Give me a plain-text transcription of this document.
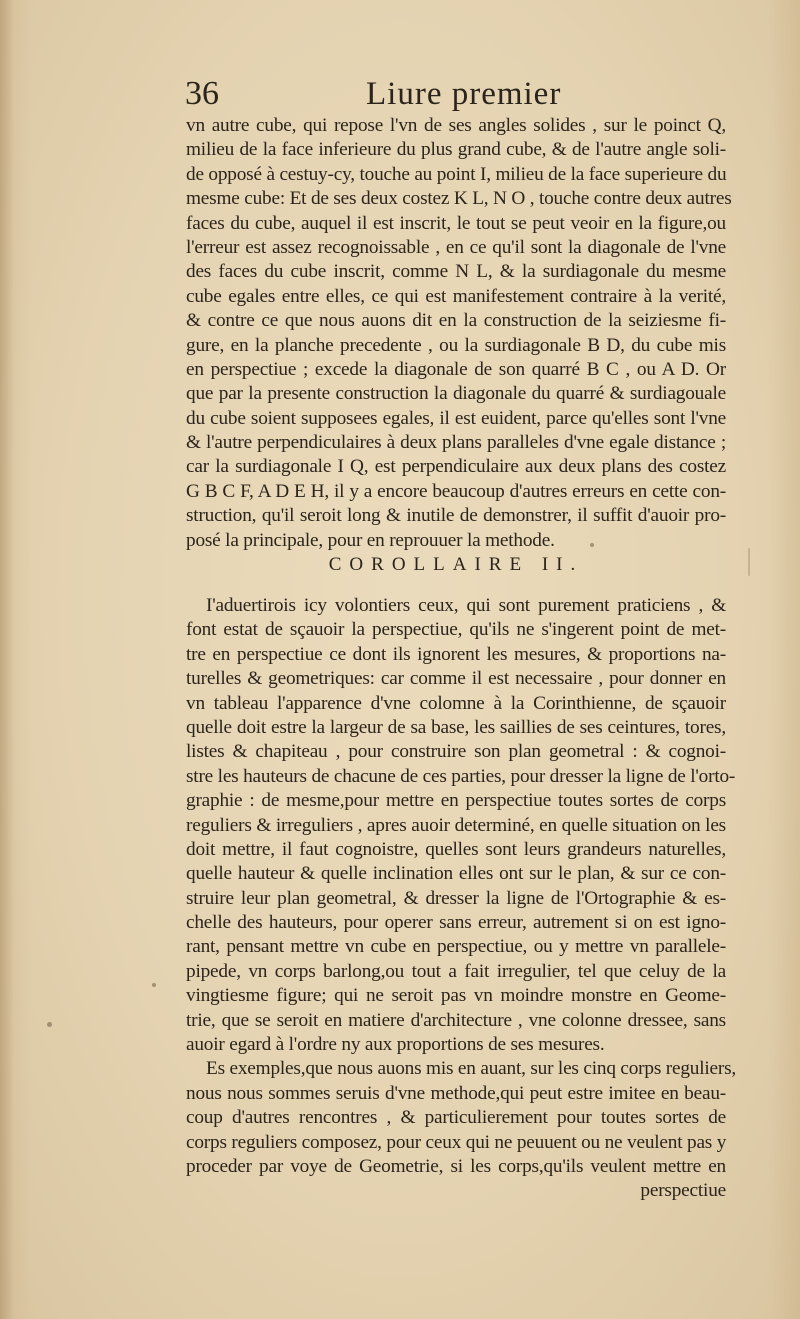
36	Liure premier
vn autre cube, qui repose l'vn de ses angles solides , sur le poinct Q,
milieu de la face inferieure du plus grand cube, & de l'autre angle soli-
de opposé à cestuy-cy, touche au point I, milieu de la face superieure du
mesme cube: Et de ses deux costez K L, N O , touche contre deux autres
faces du cube, auquel il est inscrit, le tout se peut veoir en la figure,ou
l'erreur est assez recognoissable , en ce qu'il sont la diagonale de l'vne
des faces du cube inscrit, comme N L, & la surdiagonale du mesme
cube egales entre elles, ce qui est manifestement contraire à la verité,
& contre ce que nous auons dit en la construction de la seiziesme fi-
gure, en la planche precedente , ou la surdiagonale B D, du cube mis
en perspectiue ; excede la diagonale de son quarré B C , ou A D. Or
que par la presente construction la diagonale du quarré & surdiagouale
du cube soient supposees egales, il est euident, parce qu'elles sont l'vne
& l'autre perpendiculaires à deux plans paralleles d'vne egale distance ;
car la surdiagonale I Q, est perpendiculaire aux deux plans des costez
G B C F, A D E H, il y a encore beaucoup d'autres erreurs en cette con-
struction, qu'il seroit long & inutile de demonstrer, il suffit d'auoir pro-
posé la principale, pour en reprouuer la methode.
COROLLAIRE II.
I'aduertirois icy volontiers ceux, qui sont purement praticiens , &
font estat de sçauoir la perspectiue, qu'ils ne s'ingerent point de met-
tre en perspectiue ce dont ils ignorent les mesures, & proportions na-
turelles & geometriques: car comme il est necessaire , pour donner en
vn tableau l'apparence d'vne colomne à la Corinthienne, de sçauoir
quelle doit estre la largeur de sa base, les saillies de ses ceintures, tores,
listes & chapiteau , pour construire son plan geometral : & cognoi-
stre les hauteurs de chacune de ces parties, pour dresser la ligne de l'orto-
graphie : de mesme,pour mettre en perspectiue toutes sortes de corps
reguliers & irreguliers , apres auoir determiné, en quelle situation on les
doit mettre, il faut cognoistre, quelles sont leurs grandeurs naturelles,
quelle hauteur & quelle inclination elles ont sur le plan, & sur ce con-
struire leur plan geometral, & dresser la ligne de l'Ortographie & es-
chelle des hauteurs, pour operer sans erreur, autrement si on est igno-
rant, pensant mettre vn cube en perspectiue, ou y mettre vn parallele-
pipede, vn corps barlong,ou tout a fait irregulier, tel que celuy de la
vingtiesme figure; qui ne seroit pas vn moindre monstre en Geome-
trie, que se seroit en matiere d'architecture , vne colonne dressee, sans
auoir egard à l'ordre ny aux proportions de ses mesures.
Es exemples,que nous auons mis en auant, sur les cinq corps reguliers,
nous nous sommes seruis d'vne methode,qui peut estre imitee en beau-
coup d'autres rencontres , & particulierement pour toutes sortes de
corps reguliers composez, pour ceux qui ne peuuent ou ne veulent pas y
proceder par voye de Geometrie, si les corps,qu'ils veulent mettre en
perspectiue
